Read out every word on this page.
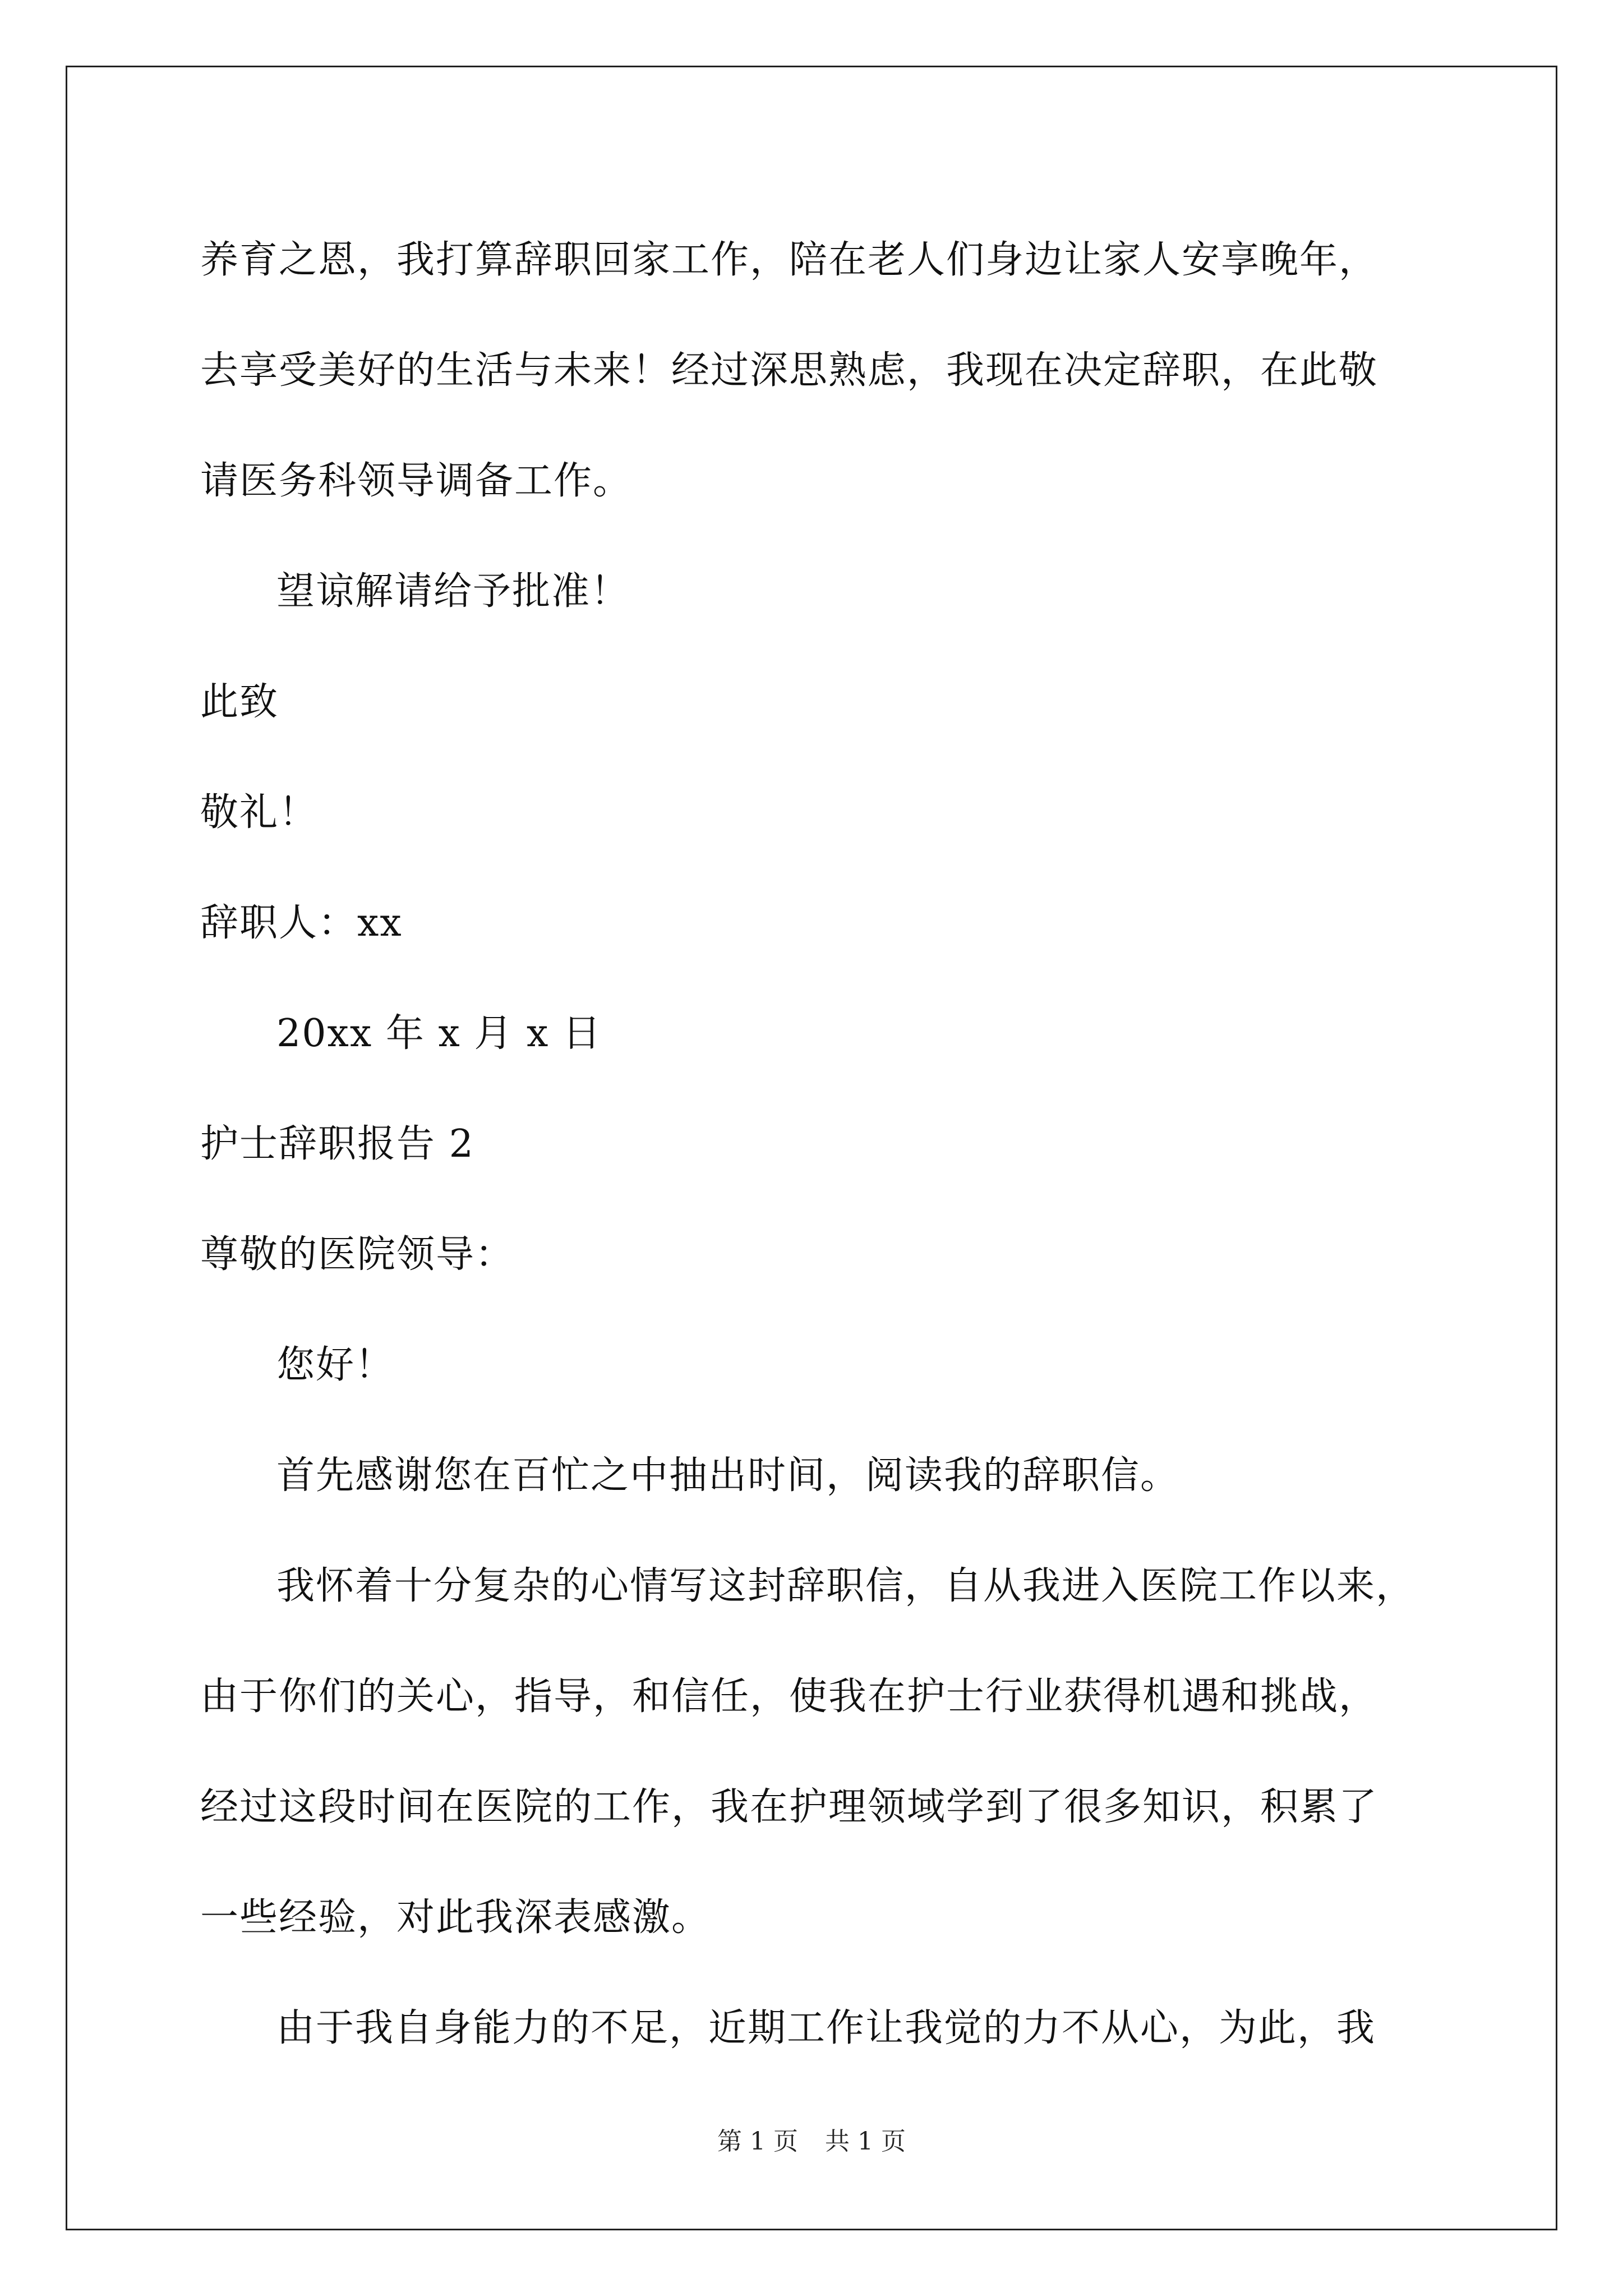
养育之恩，我打算辞职回家工作，陪在老人们身边让家人安享晚年，
去享受美好的生活与未来！经过深思熟虑，我现在决定辞职，在此敬
请医务科领导调备工作。
望谅解请给予批准！
此致
敬礼！
辞职人：xx
20xx 年 x 月 x 日
护士辞职报告 2
尊敬的医院领导：
您好！
首先感谢您在百忙之中抽出时间，阅读我的辞职信。
我怀着十分复杂的心情写这封辞职信，自从我进入医院工作以来，
由于你们的关心，指导，和信任，使我在护士行业获得机遇和挑战，
经过这段时间在医院的工作，我在护理领域学到了很多知识，积累了
一些经验，对此我深表感激。
由于我自身能力的不足，近期工作让我觉的力不从心，为此，我
第 1 页 共 1 页
